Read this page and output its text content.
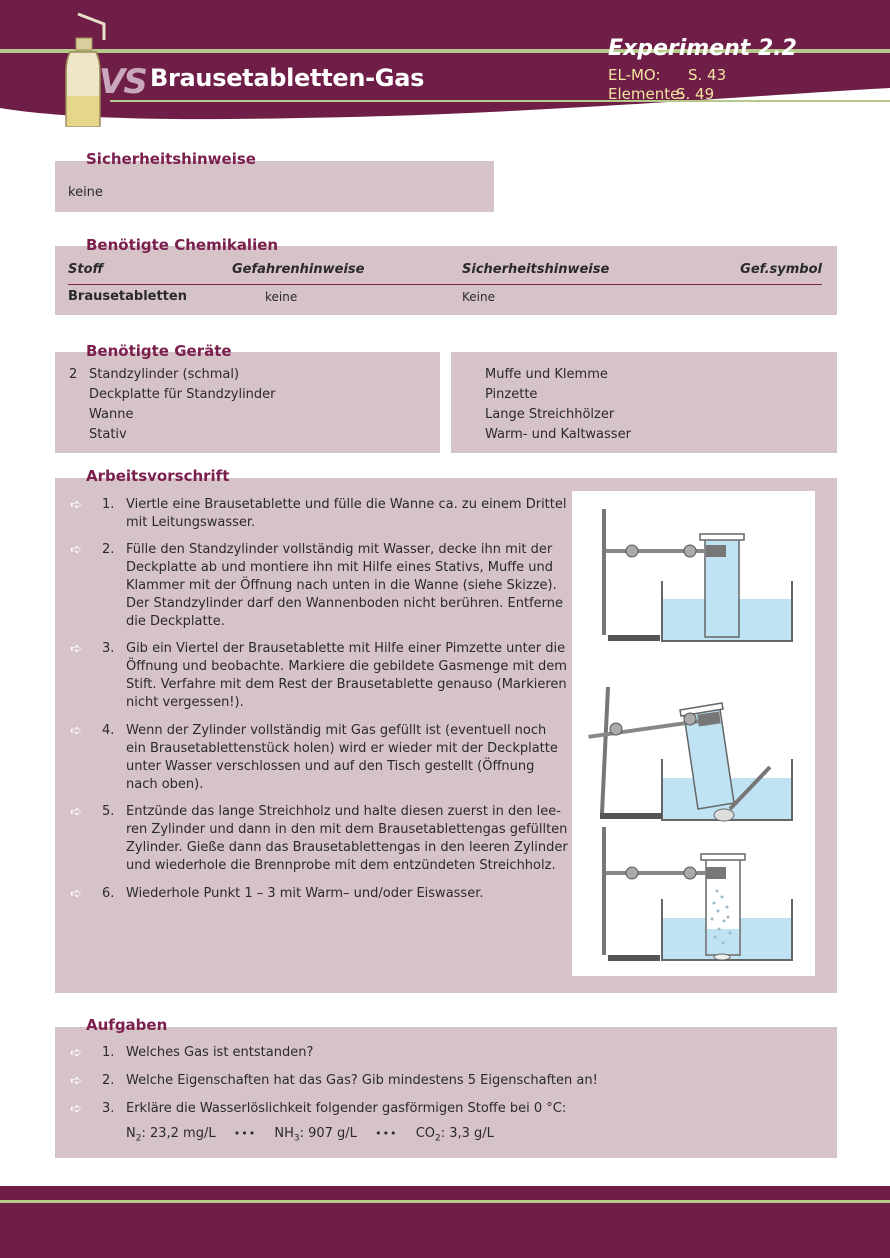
VS Brausetabletten-Gas
Experiment 2.2
EL-MO: S. 43
Elemente:
S. 49
Sicherheitshinweise
keine
Benötigte Chemikalien
Stoff	Gefahrenhinweise	Sicherheitshinweise	Gef.symbol
Brausetabletten	keine	Keine
Benötigte Geräte
2 Standzylinder (schmal)
Deckplatte für Standzylinder
Wanne
Stativ
Muffe und Klemme
Pinzette
Lange Streichhölzer
Warm- und Kaltwasser
Arbeitsvorschrift
➪ 1. Viertle eine Brausetablette und fülle die Wanne ca. zu einem Drittel mit Leitungswasser.
➪ 2. Fülle den Standzylinder vollständig mit Wasser, decke ihn mit der Deckplatte ab und montiere ihn mit Hilfe eines Stativs, Muffe und Klammer mit der Öffnung nach unten in die Wanne (siehe Skizze). Der Standzylinder darf den Wannenboden nicht berühren. Entferne die Deckplatte.
➪ 3. Gib ein Viertel der Brausetablette mit Hilfe einer Pimzette unter die Öffnung und beobachte. Markiere die gebildete Gasmenge mit dem Stift. Verfahre mit dem Rest der Brausetablette genauso (Markieren nicht vergessen!).
➪ 4. Wenn der Zylinder vollständig mit Gas gefüllt ist (eventuell noch ein Brausetablettenstück holen) wird er wieder mit der Deckplatte unter Wasser verschlossen und auf den Tisch gestellt (Öffnung nach oben).
➪ 5. Entzünde das lange Streichholz und halte diesen zuerst in den lee-ren Zylinder und dann in den mit dem Brausetablettengas gefüllten Zylinder. Gieße dann das Brausetablettengas in den leeren Zylinder und wiederhole die Brennprobe mit dem entzündeten Streichholz.
➪ 6. Wiederhole Punkt 1 – 3 mit Warm– und/oder Eiswasser.
Aufgaben
➪ 1. Welches Gas ist entstanden?
➪ 2. Welche Eigenschaften hat das Gas? Gib mindestens 5 Eigenschaften an!
➪ 3. Erkläre die Wasserlöslichkeit folgender gasförmigen Stoffe bei 0 °C:
$N_2$: 23,2 mg/L ••• $NH_3$: 907 g/L ••• $CO_2$: 3,3 g/L
